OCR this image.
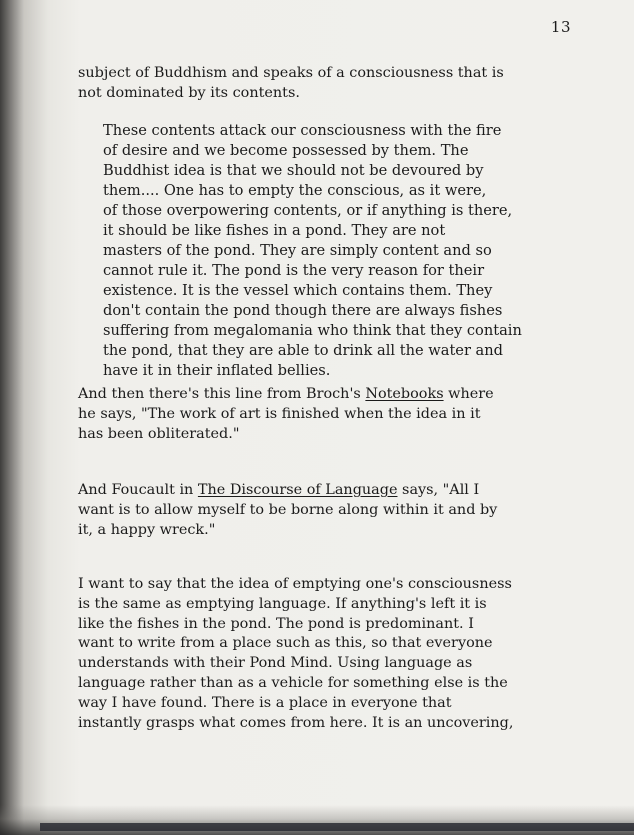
13
subject of Buddhism and speaks of a consciousness that is
not dominated by its contents.
These contents attack our consciousness with the fire
of desire and we become possessed by them. The
Buddhist idea is that we should not be devoured by
them.... One has to empty the conscious, as it were,
of those overpowering contents, or if anything is there,
it should be like fishes in a pond. They are not
masters of the pond. They are simply content and so
cannot rule it. The pond is the very reason for their
existence. It is the vessel which contains them. They
don't contain the pond though there are always fishes
suffering from megalomania who think that they contain
the pond, that they are able to drink all the water and
have it in their inflated bellies.
And then there's this line from Broch's Notebooks where
he says, "The work of art is finished when the idea in it
has been obliterated."
And Foucault in The Discourse of Language says, "All I
want is to allow myself to be borne along within it and by
it, a happy wreck."
I want to say that the idea of emptying one's consciousness
is the same as emptying language. If anything's left it is
like the fishes in the pond. The pond is predominant. I
want to write from a place such as this, so that everyone
understands with their Pond Mind. Using language as
language rather than as a vehicle for something else is the
way I have found. There is a place in everyone that
instantly grasps what comes from here. It is an uncovering,
